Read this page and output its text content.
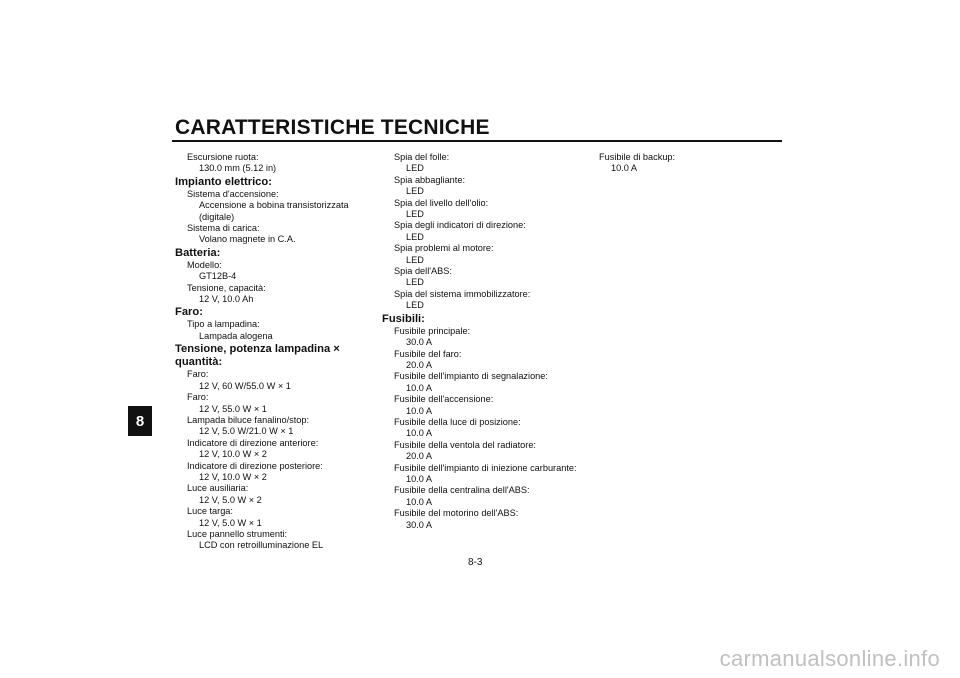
CARATTERISTICHE TECNICHE
8
Escursione ruota:
130.0 mm (5.12 in)
Impianto elettrico:
Sistema d'accensione:
Accensione a bobina transistorizzata
(digitale)
Sistema di carica:
Volano magnete in C.A.
Batteria:
Modello:
GT12B-4
Tensione, capacità:
12 V, 10.0 Ah
Faro:
Tipo a lampadina:
Lampada alogena
Tensione, potenza lampadina × quantità:
Faro:
12 V, 60 W/55.0 W × 1
Faro:
12 V, 55.0 W × 1
Lampada biluce fanalino/stop:
12 V, 5.0 W/21.0 W × 1
Indicatore di direzione anteriore:
12 V, 10.0 W × 2
Indicatore di direzione posteriore:
12 V, 10.0 W × 2
Luce ausiliaria:
12 V, 5.0 W × 2
Luce targa:
12 V, 5.0 W × 1
Luce pannello strumenti:
LCD con retroilluminazione EL
Spia del folle:
LED
Spia abbagliante:
LED
Spia del livello dell'olio:
LED
Spia degli indicatori di direzione:
LED
Spia problemi al motore:
LED
Spia dell'ABS:
LED
Spia del sistema immobilizzatore:
LED
Fusibili:
Fusibile principale:
30.0 A
Fusibile del faro:
20.0 A
Fusibile dell'impianto di segnalazione:
10.0 A
Fusibile dell'accensione:
10.0 A
Fusibile della luce di posizione:
10.0 A
Fusibile della ventola del radiatore:
20.0 A
Fusibile dell'impianto di iniezione carburante:
10.0 A
Fusibile della centralina dell'ABS:
10.0 A
Fusibile del motorino dell'ABS:
30.0 A
Fusibile di backup:
10.0 A
8-3
carmanualsonline.info
